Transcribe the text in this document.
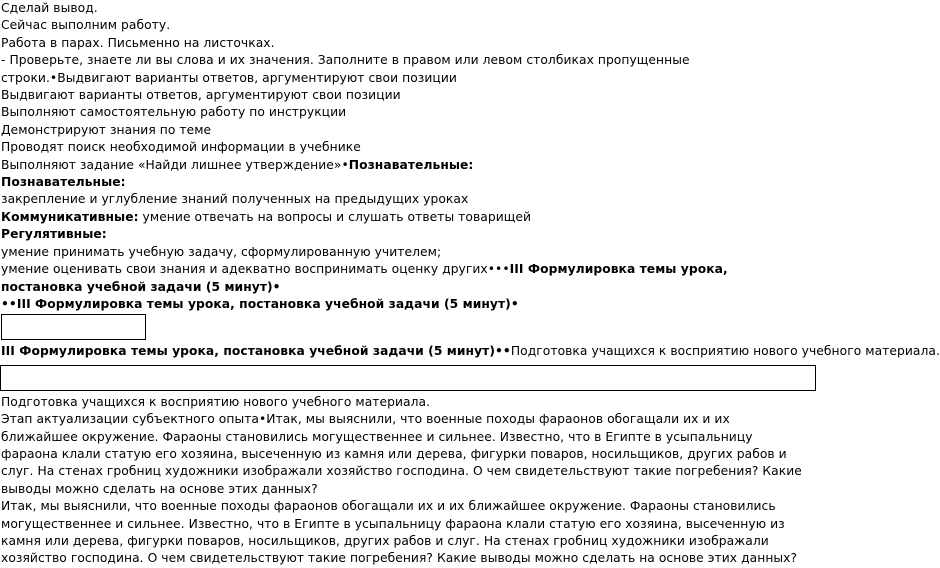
Сделай вывод.

Сейчас выполним работу.

Работа в парах. Письменно на листочках.

- Проверьте, знаете ли вы слова и их значения. Заполните в правом или левом столбиках пропущенные строки.•Выдвигают варианты ответов, аргументируют свои позиции

Выдвигают варианты ответов, аргументируют свои позиции

Выполняют самостоятельную работу по инструкции

Демонстрируют знания по теме

Проводят поиск необходимой информации в учебнике

Выполняют задание «Найди лишнее утверждение»•Познавательные:

Познавательные:

закрепление и углубление знаний полученных на предыдущих уроках

Коммуникативные: умение отвечать на вопросы и слушать ответы товарищей

Регулятивные:

умение принимать учебную задачу, сформулированную учителем;

умение оценивать свои знания и адекватно воспринимать оценку других•••III Формулировка темы урока, постановка учебной задачи (5 минут)•

••III Формулировка темы урока, постановка учебной задачи (5 минут)•

III Формулировка темы урока, постановка учебной задачи (5 минут)••Подготовка учащихся к восприятию нового учебного материала.

Подготовка учащихся к восприятию нового учебного материала.

Этап актуализации субъектного опыта•Итак, мы выяснили, что военные походы фараонов обогащали их и их ближайшее окружение. Фараоны становились могущественнее и сильнее. Известно, что в Египте в усыпальницу фараона клали статую его хозяина, высеченную из камня или дерева, фигурки поваров, носильщиков, других рабов и слуг. На стенах гробниц художники изображали хозяйство господина. О чем свидетельствуют такие погребения? Какие выводы можно сделать на основе этих данных?

Итак, мы выяснили, что военные походы фараонов обогащали их и их ближайшее окружение. Фараоны становились могущественнее и сильнее. Известно, что в Египте в усыпальницу фараона клали статую его хозяина, высеченную из камня или дерева, фигурки поваров, носильщиков, других рабов и слуг. На стенах гробниц художники изображали хозяйство господина. О чем свидетельствуют такие погребения? Какие выводы можно сделать на основе этих данных?
